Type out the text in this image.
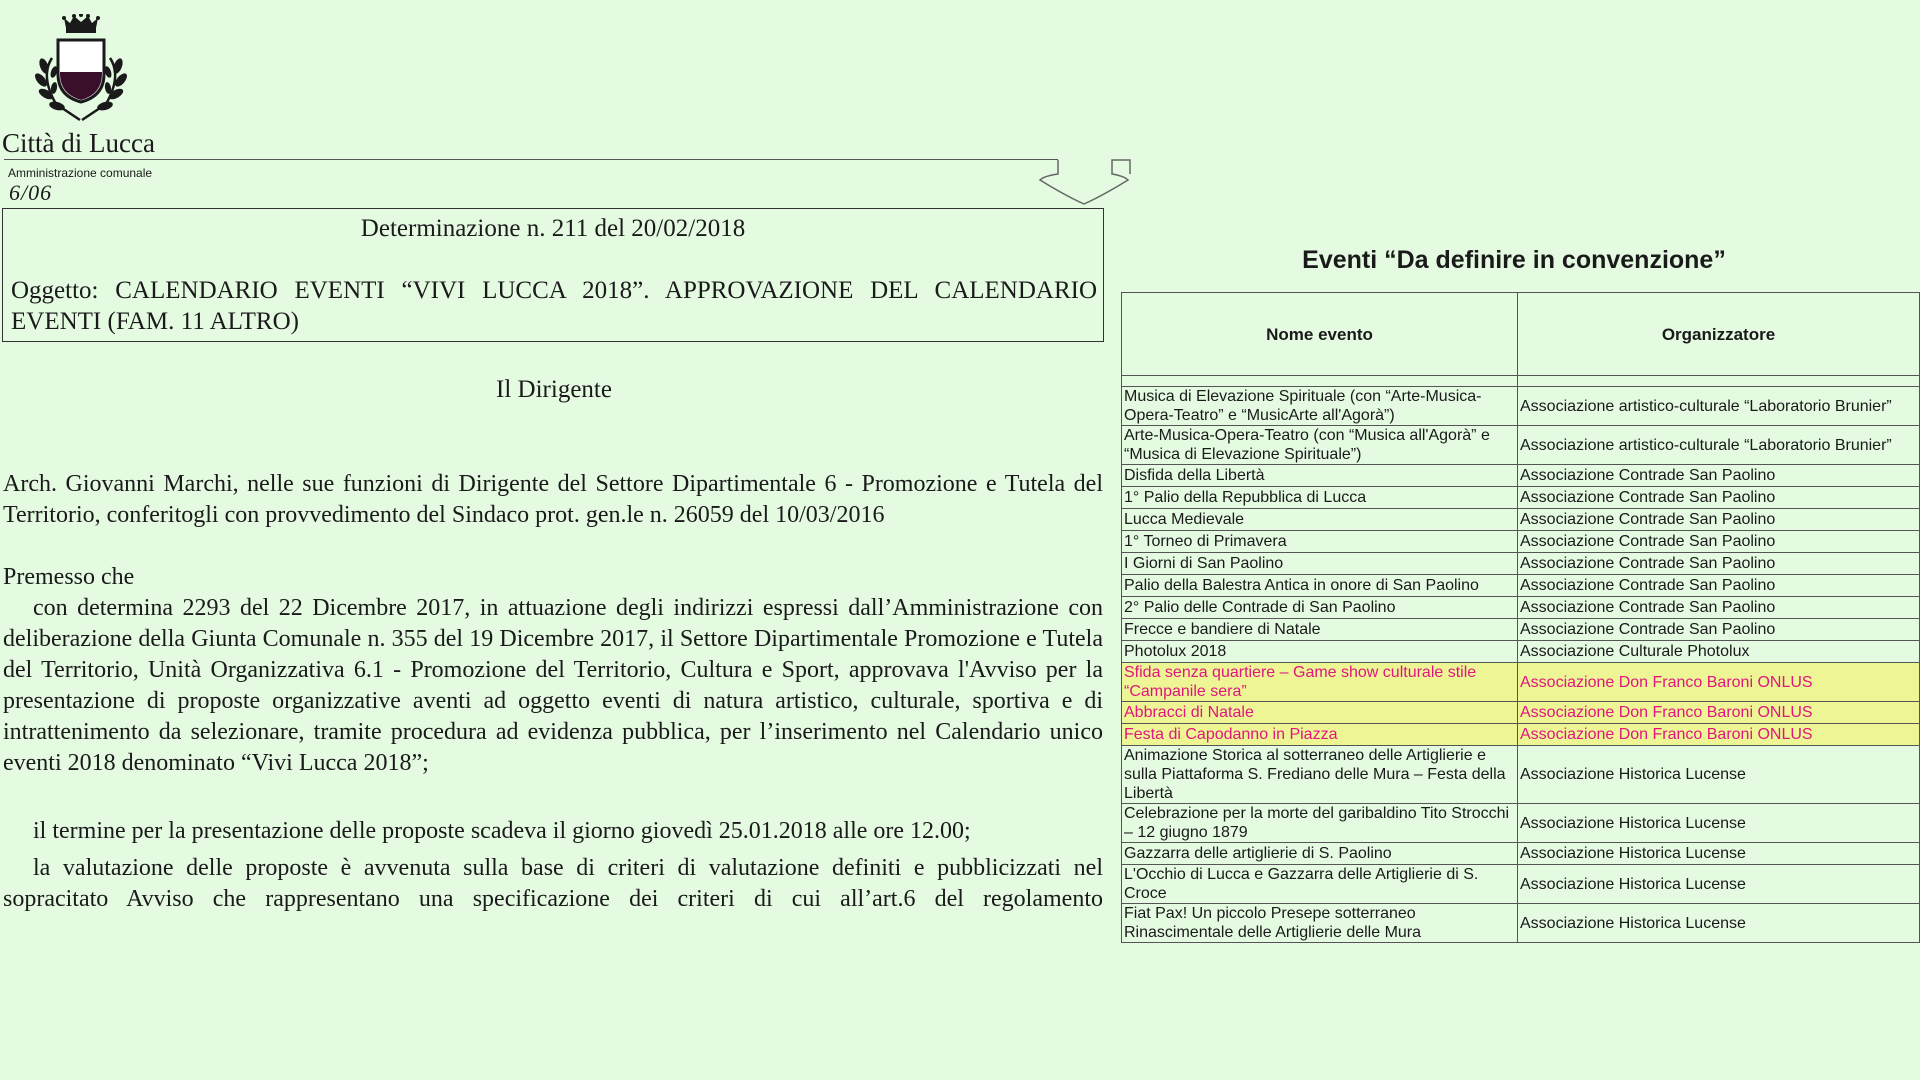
Città di Lucca
Amministrazione comunale
6/06
Determinazione n. 211 del 20/02/2018
Oggetto: CALENDARIO EVENTI “VIVI LUCCA 2018”. APPROVAZIONE DEL CALENDARIO EVENTI (FAM. 11 ALTRO)
Il Dirigente
Arch. Giovanni Marchi, nelle sue funzioni di Dirigente del Settore Dipartimentale 6 - Promozione e Tutela del Territorio, conferitogli con provvedimento del Sindaco prot. gen.le n. 26059 del 10/03/2016
Premesso che
con determina 2293 del 22 Dicembre 2017, in attuazione degli indirizzi espressi dall’Amministrazione con deliberazione della Giunta Comunale n. 355 del 19 Dicembre 2017, il Settore Dipartimentale Promozione e Tutela del Territorio, Unità Organizzativa 6.1 - Promozione del Territorio, Cultura e Sport, approvava l'Avviso per la presentazione di proposte organizzative aventi ad oggetto eventi di natura artistico, culturale, sportiva e di intrattenimento da selezionare, tramite procedura ad evidenza pubblica, per l’inserimento nel Calendario unico eventi 2018 denominato “Vivi Lucca 2018”;
il termine per la presentazione delle proposte scadeva il giorno giovedì 25.01.2018 alle ore 12.00;
la valutazione delle proposte è avvenuta sulla base di criteri di valutazione definiti e pubblicizzati nel sopracitato Avviso che rappresentano una specificazione dei criteri di cui all’art.6 del regolamento
Eventi “Da definire in convenzione”
Nome evento	Organizzatore

Musica di Elevazione Spirituale (con “Arte-Musica-Opera-Teatro” e “MusicArte all'Agorà”)	Associazione artistico-culturale “Laboratorio Brunier”
Arte-Musica-Opera-Teatro (con “Musica all'Agorà” e “Musica di Elevazione Spirituale”)	Associazione artistico-culturale “Laboratorio Brunier”
Disfida della Libertà	Associazione Contrade San Paolino
1° Palio della Repubblica di Lucca	Associazione Contrade San Paolino
Lucca Medievale	Associazione Contrade San Paolino
1° Torneo di Primavera	Associazione Contrade San Paolino
I Giorni di San Paolino	Associazione Contrade San Paolino
Palio della Balestra Antica in onore di San Paolino	Associazione Contrade San Paolino
2° Palio delle Contrade di San Paolino	Associazione Contrade San Paolino
Frecce e bandiere di Natale	Associazione Contrade San Paolino
Photolux 2018	Associazione Culturale Photolux
Sfida senza quartiere – Game show culturale stile “Campanile sera”	Associazione Don Franco Baroni ONLUS
Abbracci di Natale	Associazione Don Franco Baroni ONLUS
Festa di Capodanno in Piazza	Associazione Don Franco Baroni ONLUS
Animazione Storica al sotterraneo delle Artiglierie e sulla Piattaforma S. Frediano delle Mura – Festa della Libertà	Associazione Historica Lucense
Celebrazione per la morte del garibaldino Tito Strocchi – 12 giugno 1879	Associazione Historica Lucense
Gazzarra delle artiglierie di S. Paolino	Associazione Historica Lucense
L'Occhio di Lucca e Gazzarra delle Artiglierie di S. Croce	Associazione Historica Lucense
Fiat Pax! Un piccolo Presepe sotterraneo Rinascimentale delle Artiglierie delle Mura	Associazione Historica Lucense
